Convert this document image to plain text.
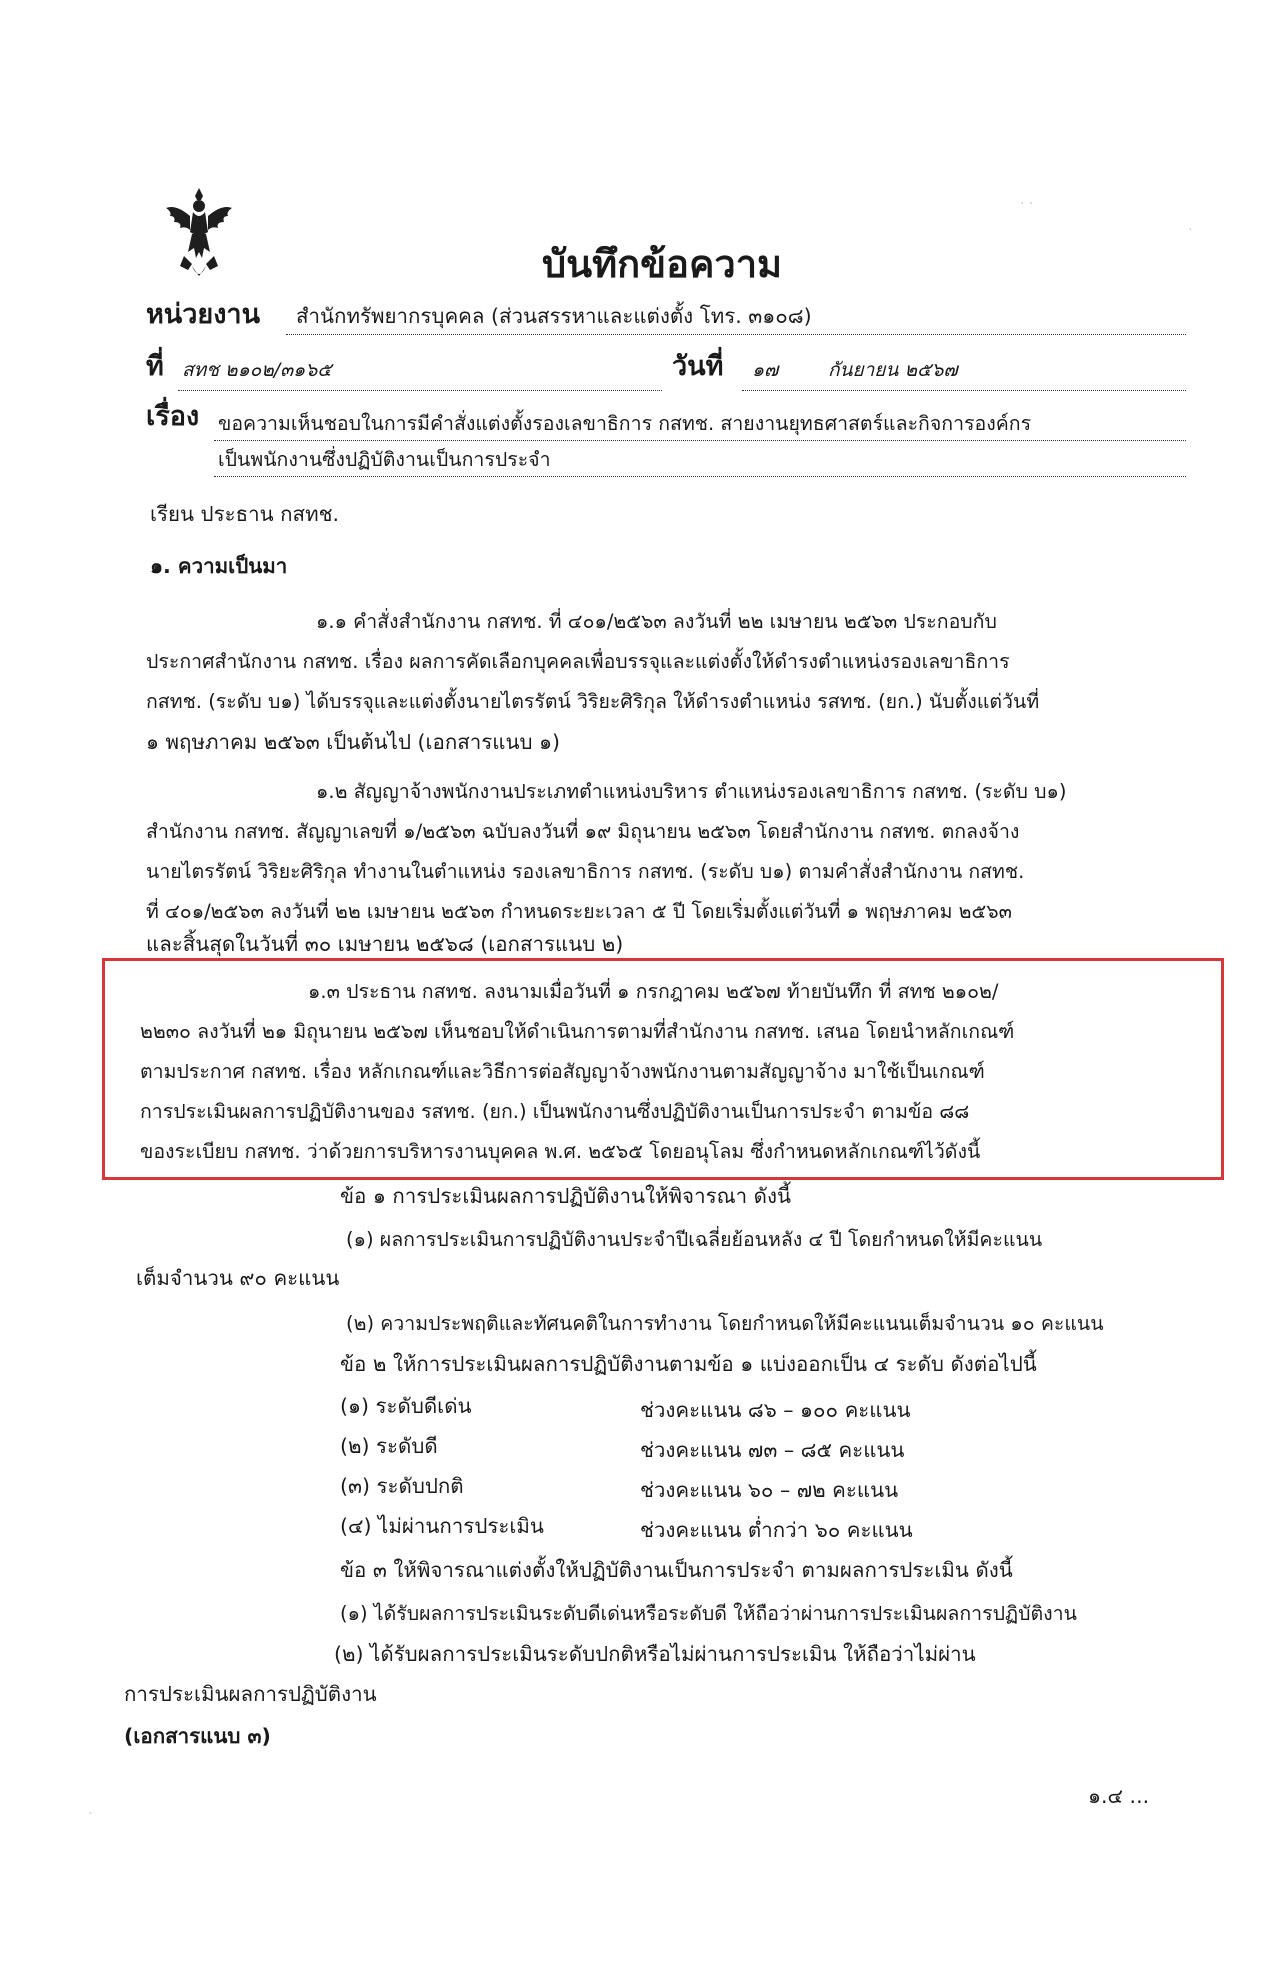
· ·
·
·
บันทึกข้อความ
หน่วยงาน สำนักทรัพยากรบุคคล (ส่วนสรรหาและแต่งตั้ง โทร. ๓๑๐๘)
ที่ สทช ๒๑๐๒/๓๑๖๕	วันที่ ๑๗	กันยายน ๒๕๖๗
เรื่อง ขอความเห็นชอบในการมีคำสั่งแต่งตั้งรองเลขาธิการ กสทช. สายงานยุทธศาสตร์และกิจการองค์กร
เป็นพนักงานซึ่งปฏิบัติงานเป็นการประจำ
เรียน ประธาน กสทช.
๑. ความเป็นมา
๑.๑ คำสั่งสำนักงาน กสทช. ที่ ๔๐๑/๒๕๖๓ ลงวันที่ ๒๒ เมษายน ๒๕๖๓ ประกอบกับ
ประกาศสำนักงาน กสทช. เรื่อง ผลการคัดเลือกบุคคลเพื่อบรรจุและแต่งตั้งให้ดำรงตำแหน่งรองเลขาธิการ
กสทช. (ระดับ บ๑) ได้บรรจุและแต่งตั้งนายไตรรัตน์ วิริยะศิริกุล ให้ดำรงตำแหน่ง รสทช. (ยก.) นับตั้งแต่วันที่
๑ พฤษภาคม ๒๕๖๓ เป็นต้นไป (เอกสารแนบ ๑)
๑.๒ สัญญาจ้างพนักงานประเภทตำแหน่งบริหาร ตำแหน่งรองเลขาธิการ กสทช. (ระดับ บ๑)
สำนักงาน กสทช. สัญญาเลขที่ ๑/๒๕๖๓ ฉบับลงวันที่ ๑๙ มิถุนายน ๒๕๖๓ โดยสำนักงาน กสทช. ตกลงจ้าง
นายไตรรัตน์ วิริยะศิริกุล ทำงานในตำแหน่ง รองเลขาธิการ กสทช. (ระดับ บ๑) ตามคำสั่งสำนักงาน กสทช.
ที่ ๔๐๑/๒๕๖๓ ลงวันที่ ๒๒ เมษายน ๒๕๖๓ กำหนดระยะเวลา ๕ ปี โดยเริ่มตั้งแต่วันที่ ๑ พฤษภาคม ๒๕๖๓
และสิ้นสุดในวันที่ ๓๐ เมษายน ๒๕๖๘ (เอกสารแนบ ๒)
๑.๓ ประธาน กสทช. ลงนามเมื่อวันที่ ๑ กรกฎาคม ๒๕๖๗ ท้ายบันทึก ที่ สทช ๒๑๐๒/
๒๒๓๐ ลงวันที่ ๒๑ มิถุนายน ๒๕๖๗ เห็นชอบให้ดำเนินการตามที่สำนักงาน กสทช. เสนอ โดยนำหลักเกณฑ์
ตามประกาศ กสทช. เรื่อง หลักเกณฑ์และวิธีการต่อสัญญาจ้างพนักงานตามสัญญาจ้าง มาใช้เป็นเกณฑ์
การประเมินผลการปฏิบัติงานของ รสทช. (ยก.) เป็นพนักงานซึ่งปฏิบัติงานเป็นการประจำ ตามข้อ ๘๘
ของระเบียบ กสทช. ว่าด้วยการบริหารงานบุคคล พ.ศ. ๒๕๖๕ โดยอนุโลม ซึ่งกำหนดหลักเกณฑ์ไว้ดังนี้
ข้อ ๑ การประเมินผลการปฏิบัติงานให้พิจารณา ดังนี้
(๑) ผลการประเมินการปฏิบัติงานประจำปีเฉลี่ยย้อนหลัง ๔ ปี โดยกำหนดให้มีคะแนน
เต็มจำนวน ๙๐ คะแนน
(๒) ความประพฤติและทัศนคติในการทำงาน โดยกำหนดให้มีคะแนนเต็มจำนวน ๑๐ คะแนน
ข้อ ๒ ให้การประเมินผลการปฏิบัติงานตามข้อ ๑ แบ่งออกเป็น ๔ ระดับ ดังต่อไปนี้
(๑) ระดับดีเด่น	ช่วงคะแนน ๘๖ – ๑๐๐ คะแนน
(๒) ระดับดี	ช่วงคะแนน ๗๓ – ๘๕ คะแนน
(๓) ระดับปกติ	ช่วงคะแนน ๖๐ – ๗๒ คะแนน
(๔) ไม่ผ่านการประเมิน	ช่วงคะแนน ต่ำกว่า ๖๐ คะแนน
ข้อ ๓ ให้พิจารณาแต่งตั้งให้ปฏิบัติงานเป็นการประจำ ตามผลการประเมิน ดังนี้
(๑) ได้รับผลการประเมินระดับดีเด่นหรือระดับดี ให้ถือว่าผ่านการประเมินผลการปฏิบัติงาน
(๒) ได้รับผลการประเมินระดับปกติหรือไม่ผ่านการประเมิน ให้ถือว่าไม่ผ่าน
การประเมินผลการปฏิบัติงาน
(เอกสารแนบ ๓)
๑.๔ ...
